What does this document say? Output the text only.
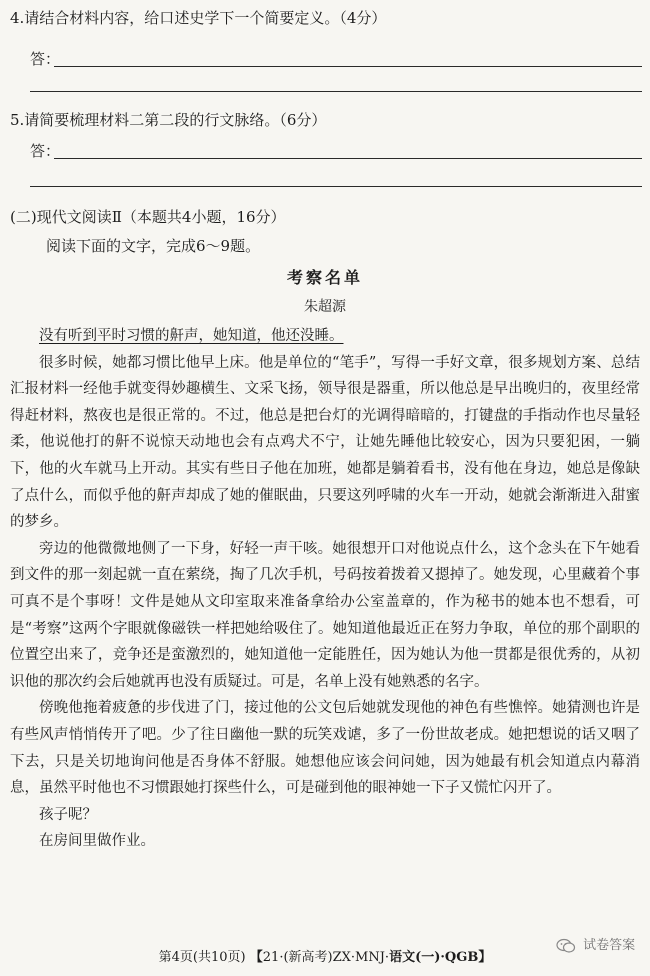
4.请结合材料内容，给口述史学下一个简要定义。（4分）
答：
5.请简要梳理材料二第二段的行文脉络。（6分）
答：
(二)现代文阅读Ⅱ（本题共4小题，16分）
阅读下面的文字，完成6～9题。
考察名单
朱超源

没有听到平时习惯的鼾声，她知道，他还没睡。

很多时候，她都习惯比他早上床。他是单位的“笔手”，写得一手好文章，很多规划方案、总结汇报材料一经他手就变得妙趣横生、文采飞扬，领导很是器重，所以他总是早出晚归的，夜里经常得赶材料，熬夜也是很正常的。不过，他总是把台灯的光调得暗暗的，打键盘的手指动作也尽量轻柔，他说他打的鼾不说惊天动地也会有点鸡犬不宁，让她先睡他比较安心，因为只要犯困，一躺下，他的火车就马上开动。其实有些日子他在加班，她都是躺着看书，没有他在身边，她总是像缺了点什么，而似乎他的鼾声却成了她的催眠曲，只要这列呼啸的火车一开动，她就会渐渐进入甜蜜的梦乡。

旁边的他微微地侧了一下身，好轻一声干咳。她很想开口对他说点什么，这个念头在下午她看到文件的那一刻起就一直在萦绕，掏了几次手机，号码按着拨着又摁掉了。她发现，心里藏着个事可真不是个事呀！文件是她从文印室取来准备拿给办公室盖章的，作为秘书的她本也不想看，可是“考察”这两个字眼就像磁铁一样把她给吸住了。她知道他最近正在努力争取，单位的那个副职的位置空出来了，竞争还是蛮激烈的，她知道他一定能胜任，因为她认为他一贯都是很优秀的，从初识他的那次约会后她就再也没有质疑过。可是，名单上没有她熟悉的名字。

傍晚他拖着疲惫的步伐进了门，接过他的公文包后她就发现他的神色有些憔悴。她猜测也许是有些风声悄悄传开了吧。少了往日幽他一默的玩笑戏谑，多了一份世故老成。她把想说的话又咽了下去，只是关切地询问他是否身体不舒服。她想他应该会问问她，因为她最有机会知道点内幕消息，虽然平时他也不习惯跟她打探些什么，可是碰到他的眼神她一下子又慌忙闪开了。

孩子呢？

在房间里做作业。

第4页(共10页) 【21·(新高考)ZX·MNJ·语文(一)·QGB】
试卷答案
